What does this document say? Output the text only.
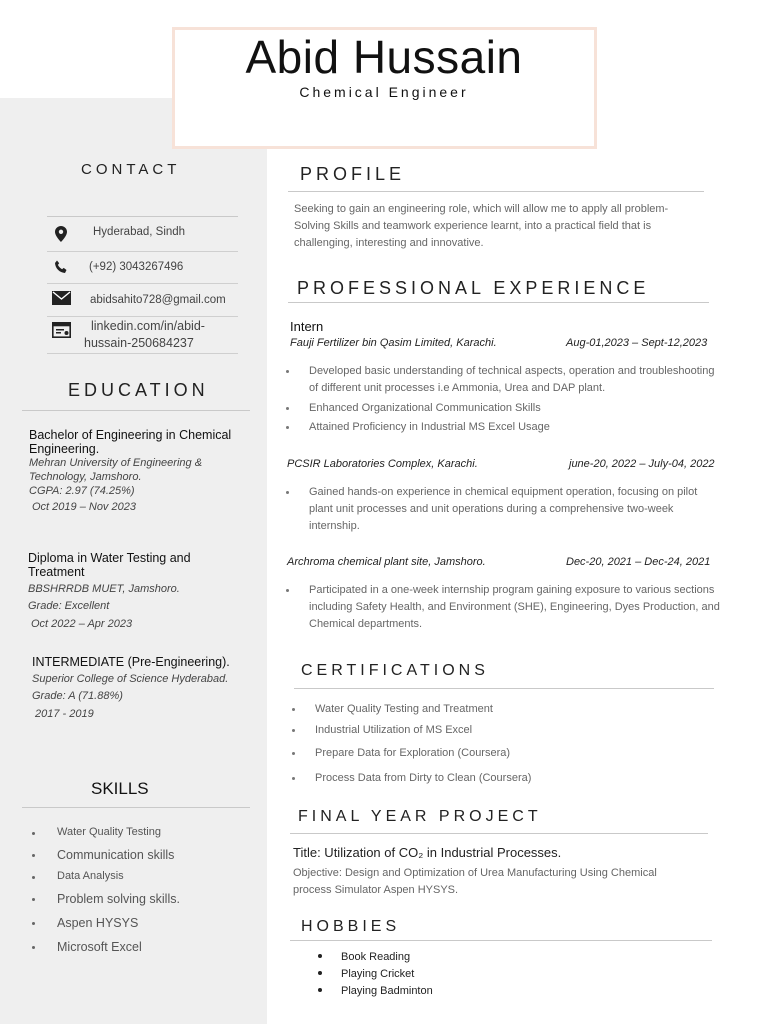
Abid Hussain
Chemical Engineer
CONTACT
Hyderabad, Sindh
(+92) 3043267496
abidsahito728@gmail.com
linkedin.com/in/abid-
hussain-250684237
EDUCATION
Bachelor of Engineering in Chemical
Engineering.
Mehran University of Engineering &
Technology, Jamshoro.
CGPA: 2.97 (74.25%)
Oct 2019 – Nov 2023
Diploma in Water Testing and
Treatment
BBSHRRDB MUET, Jamshoro.
Grade: Excellent
Oct 2022 – Apr 2023
INTERMEDIATE (Pre-Engineering).
Superior College of Science Hyderabad.
Grade: A (71.88%)
2017 - 2019
SKILLS
Water Quality Testing
Communication skills
Data Analysis
Problem solving skills.
Aspen HYSYS
Microsoft Excel
PROFILE
Seeking to gain an engineering role, which will allow me to apply all problem-
Solving Skills and teamwork experience learnt, into a practical field that is
challenging, interesting and innovative.
PROFESSIONAL EXPERIENCE
Intern
Fauji Fertilizer bin Qasim Limited, Karachi.	Aug-01,2023 – Sept-12,2023
Developed basic understanding of technical aspects, operation and troubleshooting
of different unit processes i.e Ammonia, Urea and DAP plant.
Enhanced Organizational Communication Skills
Attained Proficiency in Industrial MS Excel Usage
PCSIR Laboratories Complex, Karachi.	june-20, 2022 – July-04, 2022
Gained hands-on experience in chemical equipment operation, focusing on pilot
plant unit processes and unit operations during a comprehensive two-week
internship.
Archroma chemical plant site, Jamshoro.	Dec-20, 2021 – Dec-24, 2021
Participated in a one-week internship program gaining exposure to various sections
including Safety Health, and Environment (SHE), Engineering, Dyes Production, and
Chemical departments.
CERTIFICATIONS
Water Quality Testing and Treatment
Industrial Utilization of MS Excel
Prepare Data for Exploration (Coursera)
Process Data from Dirty to Clean (Coursera)
FINAL YEAR PROJECT
Title: Utilization of CO₂ in Industrial Processes.
Objective: Design and Optimization of Urea Manufacturing Using Chemical
process Simulator Aspen HYSYS.
HOBBIES
Book Reading
Playing Cricket
Playing Badminton
